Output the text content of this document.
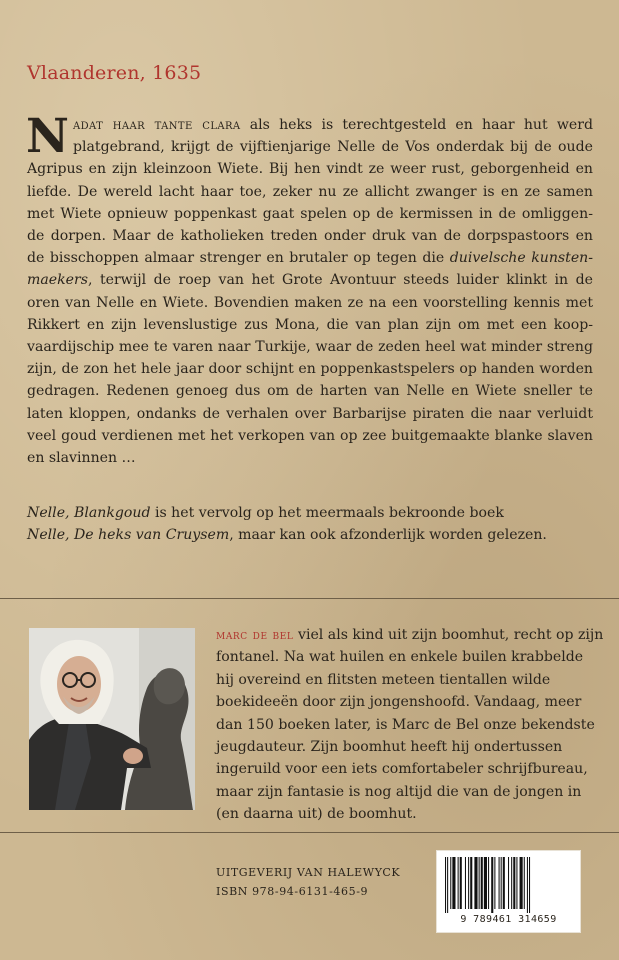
Vlaanderen, 1635
Nadat haar tante clara als heks is terechtgesteld en haar hut werd platgebrand, krijgt de vijftienjarige Nelle de Vos onderdak bij de oude Agripus en zijn kleinzoon Wiete. Bij hen vindt ze weer rust, geborgenheid en liefde. De wereld lacht haar toe, zeker nu ze allicht zwanger is en ze samen met Wiete opnieuw poppenkast gaat spelen op de kermissen in de omliggen-de dorpen. Maar de katholieken treden onder druk van de dorpspastoors en de bisschoppen almaar strenger en brutaler op tegen die duivelsche kunsten-maekers, terwijl de roep van het Grote Avontuur steeds luider klinkt in de oren van Nelle en Wiete. Bovendien maken ze na een voorstelling kennis met Rikkert en zijn levenslustige zus Mona, die van plan zijn om met een koop-vaardijschip mee te varen naar Turkije, waar de zeden heel wat minder streng zijn, de zon het hele jaar door schijnt en poppenkastspelers op handen worden gedragen. Redenen genoeg dus om de harten van Nelle en Wiete sneller te laten kloppen, ondanks de verhalen over Barbarijse piraten die naar verluidt veel goud verdienen met het verkopen van op zee buitgemaakte blanke slaven en slavinnen …
Nelle, Blankgoud is het vervolg op het meermaals bekroonde boek
Nelle, De heks van Cruysem, maar kan ook afzonderlijk worden gelezen.
marc de bel viel als kind uit zijn boomhut, recht op zijn fontanel. Na wat huilen en enkele builen krabbelde hij overeind en flitsten meteen tientallen wilde boekideeën door zijn jongenshoofd. Vandaag, meer dan 150 boeken later, is Marc de Bel onze bekendste jeugdauteur. Zijn boomhut heeft hij ondertussen ingeruild voor een iets comfortabeler schrijfbureau, maar zijn fantasie is nog altijd die van de jongen in (en daarna uit) de boomhut.
UITGEVERIJ VAN HALEWYCK
ISBN 978-94-6131-465-9
9 789461 314659
